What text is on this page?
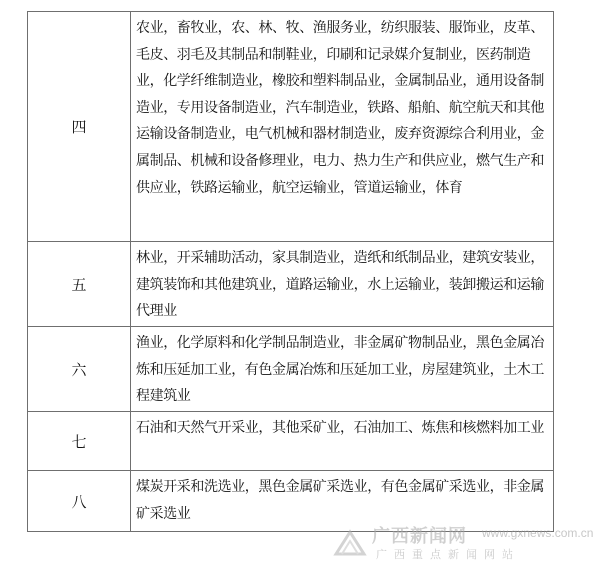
四	农业，畜牧业，农、林、牧、渔服务业，纺织服装、服饰业，皮革、毛皮、羽毛及其制品和制鞋业，印刷和记录媒介复制业，医药制造业，化学纤维制造业，橡胶和塑料制品业，金属制品业，通用设备制造业，专用设备制造业，汽车制造业，铁路、船舶、航空航天和其他运输设备制造业，电气机械和器材制造业，废弃资源综合利用业，金属制品、机械和设备修理业，电力、热力生产和供应业，燃气生产和供应业，铁路运输业，航空运输业，管道运输业，体育
五	林业，开采辅助活动，家具制造业，造纸和纸制品业，建筑安装业，建筑装饰和其他建筑业，道路运输业，水上运输业，装卸搬运和运输代理业
六	渔业，化学原料和化学制品制造业，非金属矿物制品业，黑色金属冶炼和压延加工业，有色金属冶炼和压延加工业，房屋建筑业，土木工程建筑业
七	石油和天然气开采业，其他采矿业，石油加工、炼焦和核燃料加工业
八	煤炭开采和洗选业，黑色金属矿采选业，有色金属矿采选业，非金属矿采选业
广西新闻网 www.gxnews.com.cn
广西重点新闻网站
